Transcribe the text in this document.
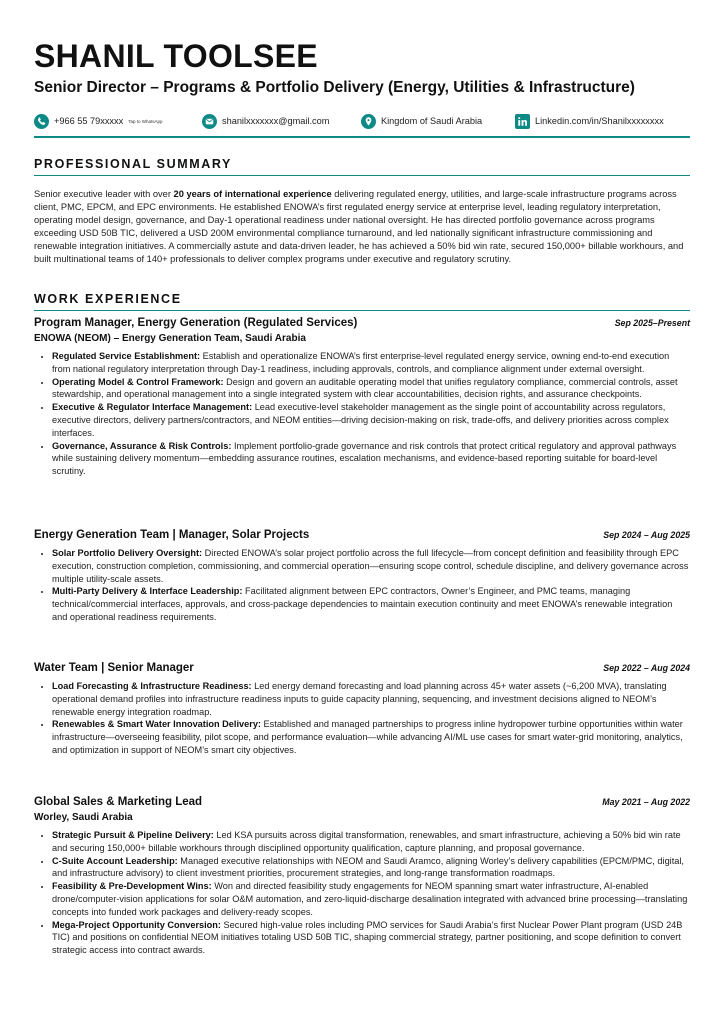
SHANIL TOOLSEE
Senior Director – Programs & Portfolio Delivery (Energy, Utilities & Infrastructure)
+966 55 79xxxxx Tap to WhatsApp	shanilxxxxxxx@gmail.com	Kingdom of Saudi Arabia	Linkedin.com/in/Shanilxxxxxxxx
PROFESSIONAL SUMMARY
Senior executive leader with over 20 years of international experience delivering regulated energy, utilities, and large-scale infrastructure programs across client, PMC, EPCM, and EPC environments. He established ENOWA’s first regulated energy service at enterprise level, leading regulatory interpretation, operating model design, governance, and Day-1 operational readiness under national oversight. He has directed portfolio governance across programs exceeding USD 50B TIC, delivered a USD 200M environmental compliance turnaround, and led nationally significant infrastructure commissioning and renewable integration initiatives. A commercially astute and data-driven leader, he has achieved a 50% bid win rate, secured 150,000+ billable workhours, and built multinational teams of 140+ professionals to deliver complex programs under executive and regulatory scrutiny.
WORK EXPERIENCE
Program Manager, Energy Generation (Regulated Services)	Sep 2025–Present
ENOWA (NEOM) – Energy Generation Team, Saudi Arabia
• Regulated Service Establishment: Establish and operationalize ENOWA’s first enterprise-level regulated energy service, owning end-to-end execution from national regulatory interpretation through Day-1 readiness, including approvals, controls, and compliance alignment under external oversight.
• Operating Model & Control Framework: Design and govern an auditable operating model that unifies regulatory compliance, commercial controls, asset stewardship, and operational management into a single integrated system with clear accountabilities, decision rights, and assurance checkpoints.
• Executive & Regulator Interface Management: Lead executive-level stakeholder management as the single point of accountability across regulators, executive directors, delivery partners/contractors, and NEOM entities—driving decision-making on risk, trade-offs, and delivery priorities across complex interfaces.
• Governance, Assurance & Risk Controls: Implement portfolio-grade governance and risk controls that protect critical regulatory and approval pathways while sustaining delivery momentum—embedding assurance routines, escalation mechanisms, and evidence-based reporting suitable for board-level scrutiny.
Energy Generation Team | Manager, Solar Projects	Sep 2024 – Aug 2025
• Solar Portfolio Delivery Oversight: Directed ENOWA’s solar project portfolio across the full lifecycle—from concept definition and feasibility through EPC execution, construction completion, commissioning, and commercial operation—ensuring scope control, schedule discipline, and delivery governance across multiple utility-scale assets.
• Multi-Party Delivery & Interface Leadership: Facilitated alignment between EPC contractors, Owner’s Engineer, and PMC teams, managing technical/commercial interfaces, approvals, and cross-package dependencies to maintain execution continuity and meet ENOWA’s renewable integration and operational readiness requirements.
Water Team | Senior Manager	Sep 2022 – Aug 2024
• Load Forecasting & Infrastructure Readiness: Led energy demand forecasting and load planning across 45+ water assets (~6,200 MVA), translating operational demand profiles into infrastructure readiness inputs to guide capacity planning, sequencing, and investment decisions aligned to NEOM’s renewable energy integration roadmap.
• Renewables & Smart Water Innovation Delivery: Established and managed partnerships to progress inline hydropower turbine opportunities within water infrastructure—overseeing feasibility, pilot scope, and performance evaluation—while advancing AI/ML use cases for smart water-grid monitoring, analytics, and optimization in support of NEOM’s smart city objectives.
Global Sales & Marketing Lead	May 2021 – Aug 2022
Worley, Saudi Arabia
• Strategic Pursuit & Pipeline Delivery: Led KSA pursuits across digital transformation, renewables, and smart infrastructure, achieving a 50% bid win rate and securing 150,000+ billable workhours through disciplined opportunity qualification, capture planning, and proposal governance.
• C-Suite Account Leadership: Managed executive relationships with NEOM and Saudi Aramco, aligning Worley’s delivery capabilities (EPCM/PMC, digital, and infrastructure advisory) to client investment priorities, procurement strategies, and long-range transformation roadmaps.
• Feasibility & Pre-Development Wins: Won and directed feasibility study engagements for NEOM spanning smart water infrastructure, AI-enabled drone/computer-vision applications for solar O&M automation, and zero-liquid-discharge desalination integrated with advanced brine processing—translating concepts into funded work packages and delivery-ready scopes.
• Mega-Project Opportunity Conversion: Secured high-value roles including PMO services for Saudi Arabia’s first Nuclear Power Plant program (USD 24B TIC) and positions on confidential NEOM initiatives totaling USD 50B TIC, shaping commercial strategy, partner positioning, and scope definition to convert strategic access into contract awards.
